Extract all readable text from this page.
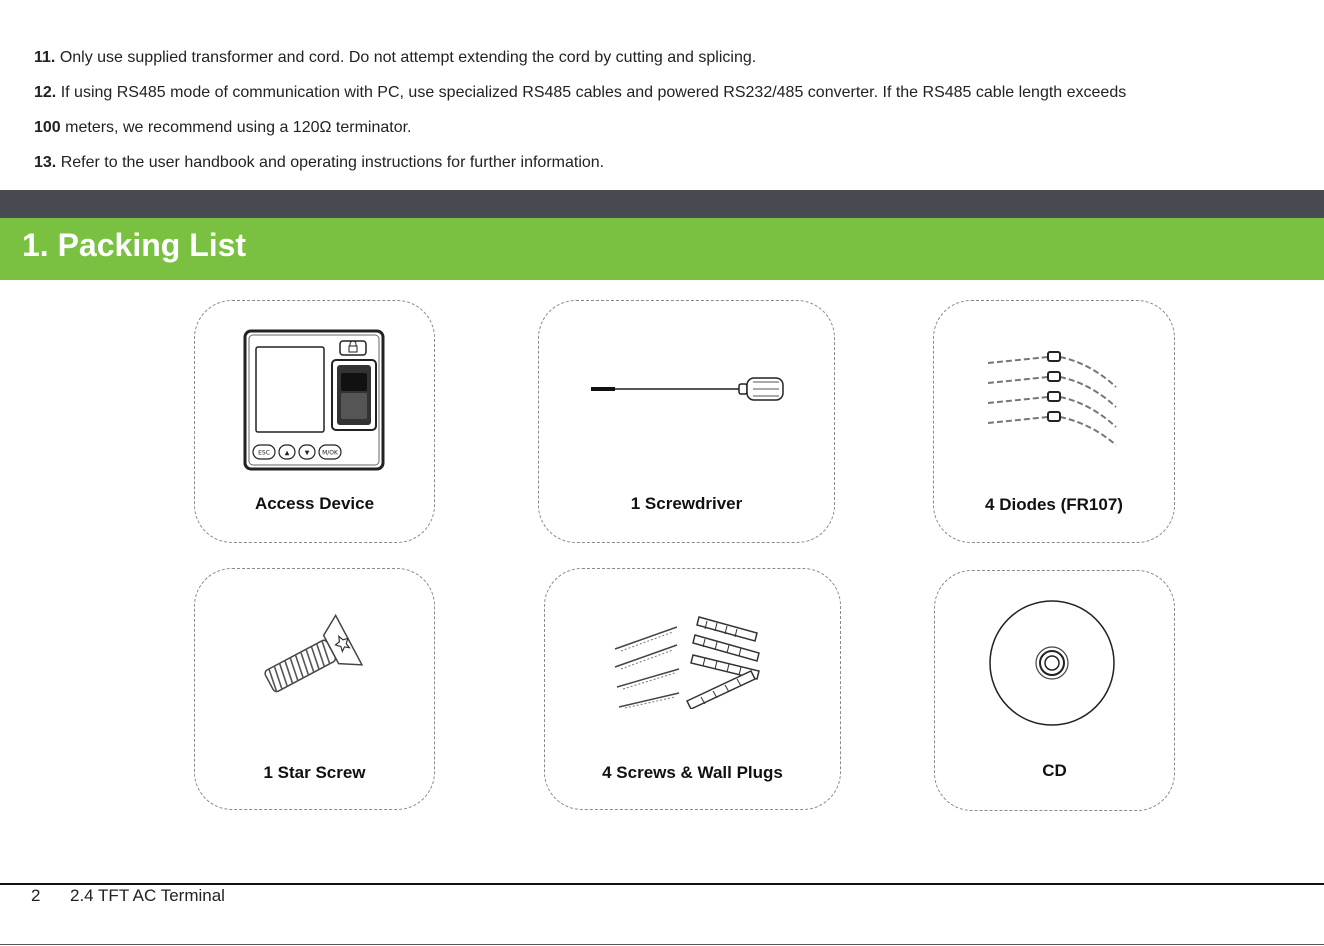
11. Only use supplied transformer and cord. Do not attempt extending the cord by cutting and splicing.
12. If using RS485 mode of communication with PC, use specialized RS485 cables and powered RS232/485 converter. If the RS485 cable length exceeds
100 meters, we recommend using a 120Ω terminator.
13. Refer to the user handbook and operating instructions for further information.
1. Packing List
ESC ▲	▼ M/OK
Access Device	1 Screwdriver	4 Diodes (FR107)
1 Star Screw	4 Screws & Wall Plugs	CD
2 2.4 TFT AC Terminal
